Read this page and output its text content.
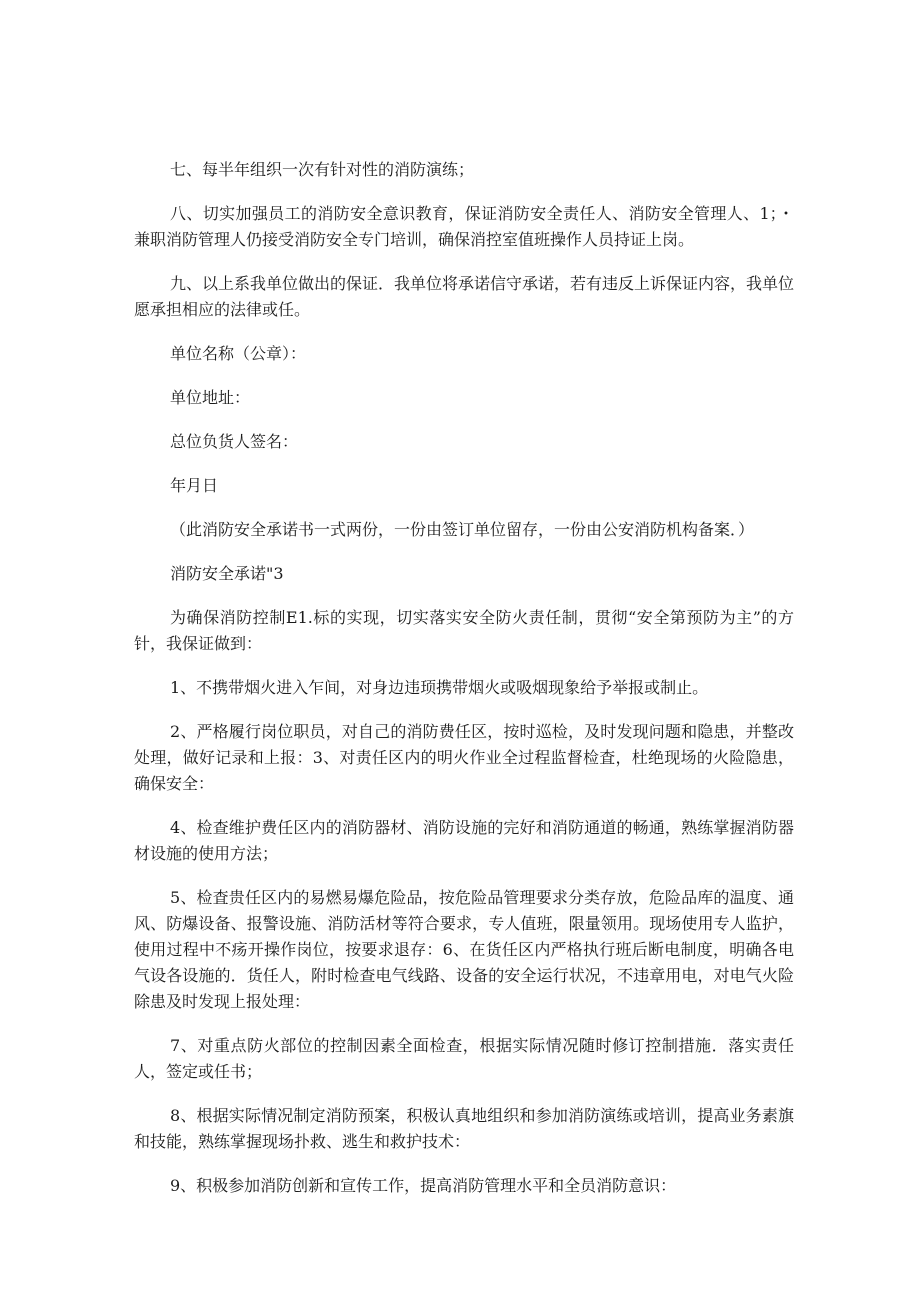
七、每半年组织一次有针对性的消防演练；

八、切实加强员工的消防安全意识教育，保证消防安全责任人、消防安全管理人、1；・兼职消防管理人仍接受消防安全专门培训，确保消控室值班操作人员持证上岗。

九、以上系我单位做出的保证．我单位将承诺信守承诺，若有违反上诉保证内容，我单位愿承担相应的法律或任。

单位名称（公章）：

单位地址：

总位负货人签名：

年月日

（此消防安全承诺书一式两份，一份由签订单位留存，一份由公安消防机构备案．）

消防安全承诺"3

为确保消防控制E1.标的实现，切实落实安全防火责任制，贯彻“安全第预防为主”的方针，我保证做到：

1、不携带烟火进入乍间，对身边违顼携带烟火或吸烟现象给予举报或制止。

2、严格履行岗位职员，对自己的消防费任区，按时巡检，及时发现问题和隐患，并整改处理，做好记录和上报：3、对责任区内的明火作业全过程监督检査，杜绝现场的火险隐患，确保安全：

4、检查维护费任区内的消防器材、消防设施的完好和消防通道的畅通，熟练掌握消防器材设施的使用方法；

5、检査贵任区内的易燃易爆危险品，按危险品管理要求分类存放，危险品库的温度、通风、防爆设备、报警设施、消防活材等符合要求，专人值班，限量领用。现场使用专人监护，使用过程中不疡开操作岗位，按要求退存：6、在货任区内严格执行班后断电制度，明确各电气设各设施的．货任人，附时检查电气线路、设备的安全运行状况，不违章用电，对电气火险除患及时发现上报处理：

7、对重点防火部位的控制因素全面检查，根据实际情况随时修订控制措施．落实责任人，签定或任书；

8、根据实际情况制定消防预案，积极认真地组织和参加消防演练或培训，提高业务素旗和技能，熟练掌握现场扑救、逃生和救护技术：

9、积极参加消防创新和宣传工作，提高消防管理水平和全员消防意识：
